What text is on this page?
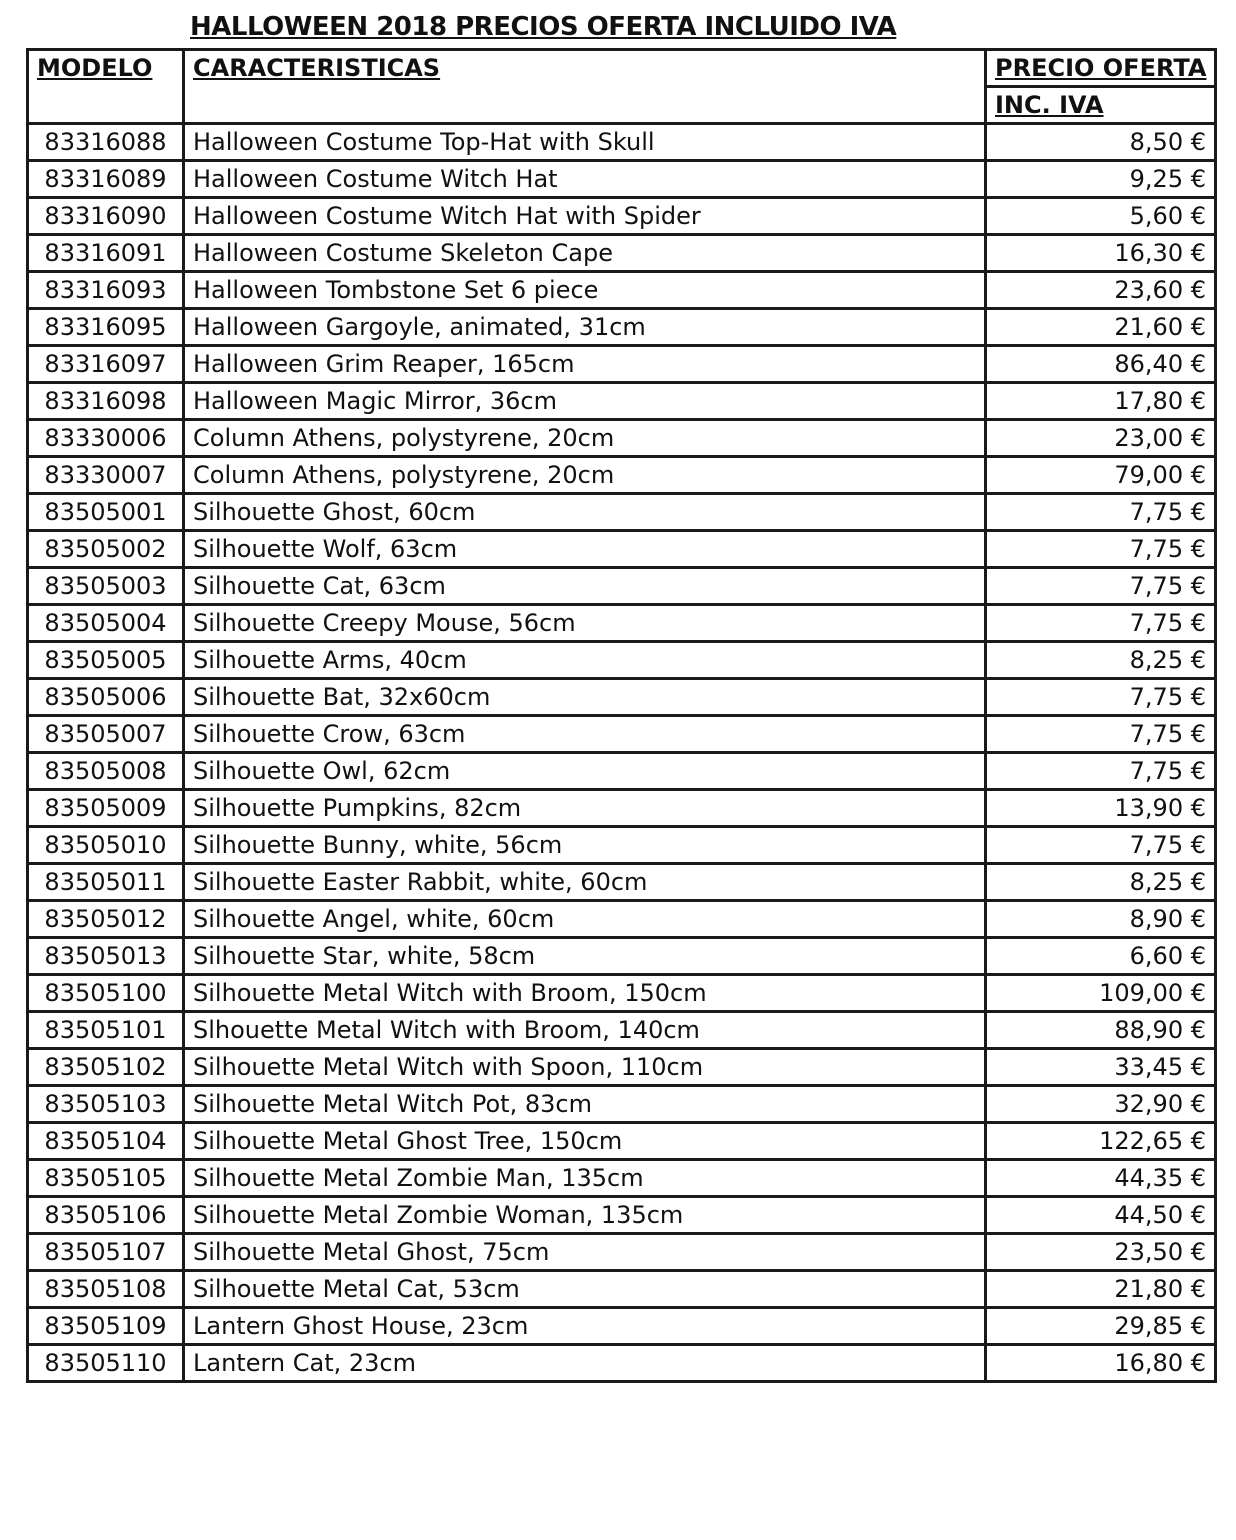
HALLOWEEN 2018 PRECIOS OFERTA INCLUIDO IVA
MODELO	CARACTERISTICAS	PRECIO OFERTA
		INC. IVA
83316088	Halloween Costume Top-Hat with Skull	8,50 €
83316089	Halloween Costume Witch Hat	9,25 €
83316090	Halloween Costume Witch Hat with Spider	5,60 €
83316091	Halloween Costume Skeleton Cape	16,30 €
83316093	Halloween Tombstone Set 6 piece	23,60 €
83316095	Halloween Gargoyle, animated, 31cm	21,60 €
83316097	Halloween Grim Reaper, 165cm	86,40 €
83316098	Halloween Magic Mirror, 36cm	17,80 €
83330006	Column Athens, polystyrene, 20cm	23,00 €
83330007	Column Athens, polystyrene, 20cm	79,00 €
83505001	Silhouette Ghost, 60cm	7,75 €
83505002	Silhouette Wolf, 63cm	7,75 €
83505003	Silhouette Cat, 63cm	7,75 €
83505004	Silhouette Creepy Mouse, 56cm	7,75 €
83505005	Silhouette Arms, 40cm	8,25 €
83505006	Silhouette Bat, 32x60cm	7,75 €
83505007	Silhouette Crow, 63cm	7,75 €
83505008	Silhouette Owl, 62cm	7,75 €
83505009	Silhouette Pumpkins, 82cm	13,90 €
83505010	Silhouette Bunny, white, 56cm	7,75 €
83505011	Silhouette Easter Rabbit, white, 60cm	8,25 €
83505012	Silhouette Angel, white, 60cm	8,90 €
83505013	Silhouette Star, white, 58cm	6,60 €
83505100	Silhouette Metal Witch with Broom, 150cm	109,00 €
83505101	Slhouette Metal Witch with Broom, 140cm	88,90 €
83505102	Silhouette Metal Witch with Spoon, 110cm	33,45 €
83505103	Silhouette Metal Witch Pot, 83cm	32,90 €
83505104	Silhouette Metal Ghost Tree, 150cm	122,65 €
83505105	Silhouette Metal Zombie Man, 135cm	44,35 €
83505106	Silhouette Metal Zombie Woman, 135cm	44,50 €
83505107	Silhouette Metal Ghost, 75cm	23,50 €
83505108	Silhouette Metal Cat, 53cm	21,80 €
83505109	Lantern Ghost House, 23cm	29,85 €
83505110	Lantern Cat, 23cm	16,80 €
